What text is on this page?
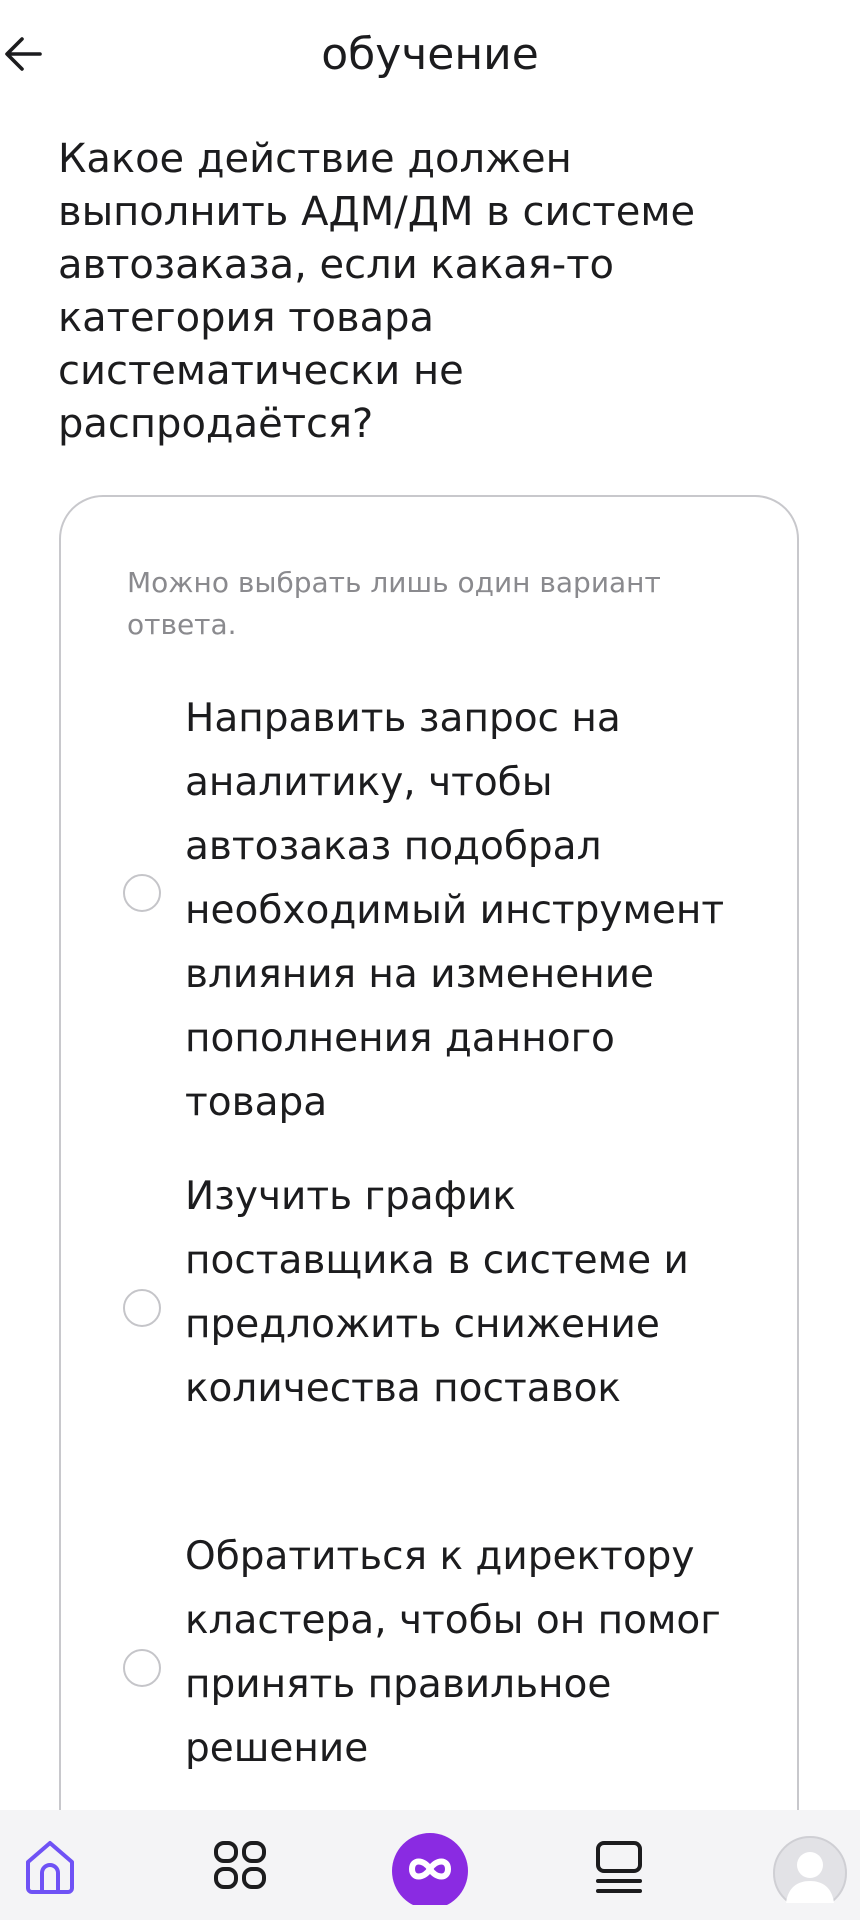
обучение

Какое действие должен выполнить АДМ/ДМ в системе автозаказа, если какая-то категория товара систематически не распродаётся?

Можно выбрать лишь один вариант ответа.
Направить запрос на аналитику, чтобы автозаказ подобрал необходимый инструмент влияния на изменение пополнения данного товара
Изучить график поставщика в системе и предложить снижение количества поставок
Обратиться к директору кластера, чтобы он помог принять правильное решение
